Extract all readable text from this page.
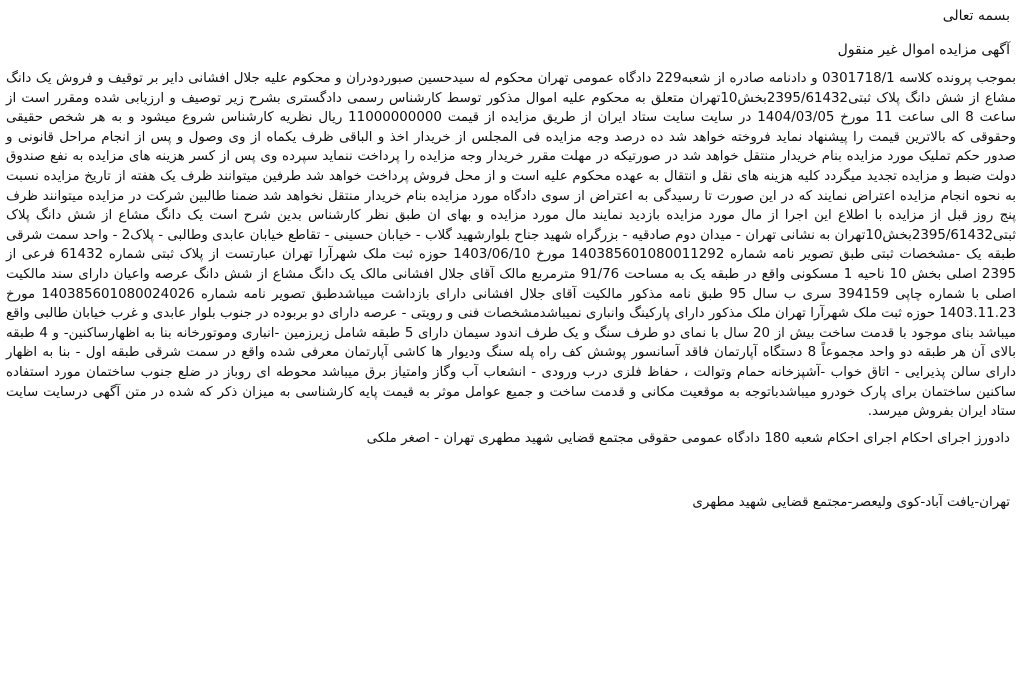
بسمه تعالی

آگهی مزایده اموال غیر منقول

بموجب پرونده کلاسه 0301718/1 و دادنامه صادره از شعبه229 دادگاه عمومی تهران محکوم له سیدحسین صبوردودران و محکوم علیه جلال افشانی دایر بر توقیف و فروش یک دانگ مشاع از شش دانگ پلاک ثبتی2395/61432بخش10تهران متعلق به محکوم علیه اموال مذکور توسط کارشناس رسمی دادگستری بشرح زیر توصیف و ارزیابی شده ومقرر است از ساعت 8 الی ساعت 11 مورخ 1404/03/05 در سایت سایت ستاد ایران از طریق مزایده از قیمت 11000000000 ریال نظریه کارشناس شروع میشود و به هر شخص حقیقی وحقوقی که بالاترین قیمت را پیشنهاد نماید فروخته خواهد شد ده درصد وجه مزایده فی المجلس از خریدار اخذ و الباقی ظرف یکماه از وی وصول و پس از انجام مراحل قانونی و صدور حکم تملیک مورد مزایده بنام خریدار منتقل خواهد شد در صورتیکه در مهلت مقرر خریدار وجه مزایده را پرداخت ننماید سپرده وی پس از کسر هزینه های مزایده به نفع صندوق دولت ضبط و مزایده تجدید میگردد کلیه هزینه های نقل و انتقال به عهده محکوم علیه است و از محل فروش پرداخت خواهد شد طرفین میتوانند ظرف یک هفته از تاریخ مزایده نسبت به نحوه انجام مزایده اعتراض نمایند که در این صورت تا رسیدگی به اعتراض از سوی دادگاه مورد مزایده بنام خریدار منتقل نخواهد شد ضمنا طالبین شرکت در مزایده میتوانند ظرف پنج روز قبل از مزایده با اطلاع این اجرا از مال مورد مزایده بازدید نمایند مال مورد مزایده و بهای ان طبق نظر کارشناس بدین شرح است یک دانگ مشاع از شش دانگ پلاک ثبتی2395/61432بخش10تهران به نشانی تهران - میدان دوم صادقیه - بزرگراه شهید جناح بلوارشهید گلاب - خیابان حسینی - تقاطع خیابان عابدی وطالبی - پلاک2 - واحد سمت شرقی طبقه یک -مشخصات ثبتی طبق تصویر نامه شماره 140385601080011292 مورخ 1403/06/10 حوزه ثبت ملک شهرآرا تهران عبارتست از پلاک ثبتی شماره 61432 فرعی از 2395 اصلی بخش 10 ناحیه 1 مسکونی واقع در طبقه یک به مساحت 91/76 مترمربع مالک آقای جلال افشانی مالک یک دانگ مشاع از شش دانگ عرصه واعیان دارای سند مالکیت اصلی با شماره چاپی 394159 سری ب سال 95 طبق نامه مذکور مالکیت آقای جلال افشانی دارای بازداشت میباشدطبق تصویر نامه شماره 140385601080024026 مورخ 1403.11.23 حوزه ثبت ملک شهرآرا تهران ملک مذکور دارای پارکینگ وانباری نمیباشدمشخصات فنی و رویتی - عرصه دارای دو بربوده در جنوب بلوار عابدی و غرب خیابان طالبی واقع میباشد بنای موجود با قدمت ساخت بیش از 20 سال با نمای دو طرف سنگ و یک طرف اندود سیمان دارای 5 طبقه شامل زیرزمین -انباری وموتورخانه بنا به اظهارساکنین- و 4 طبقه بالای آن هر طبقه دو واحد مجموعاً 8 دستگاه آپارتمان فاقد آسانسور پوشش کف راه پله سنگ ودیوار ها کاشی آپارتمان معرفی شده واقع در سمت شرقی طبقه اول - بنا به اظهار دارای سالن پذیرایی - اتاق خواب -آشپزخانه حمام وتوالت ، حفاظ فلزی درب ورودی - انشعاب آب وگاز وامتیاز برق میباشد محوطه ای روباز در ضلع جنوب ساختمان مورد استفاده ساکنین ساختمان برای پارک خودرو میباشدباتوجه به موقعیت مکانی و قدمت ساخت و جمیع عوامل موثر به قیمت پایه کارشناسی به میزان ذکر که شده در متن آگهی درسایت سایت ستاد ایران بفروش میرسد.

دادورز اجرای احکام اجرای احکام شعبه 180 دادگاه عمومی حقوقی مجتمع قضایی شهید مطهری تهران - اصغر ملکی

تهران-یافت آباد-کوی ولیعصر-مجتمع قضایی شهید مطهری
